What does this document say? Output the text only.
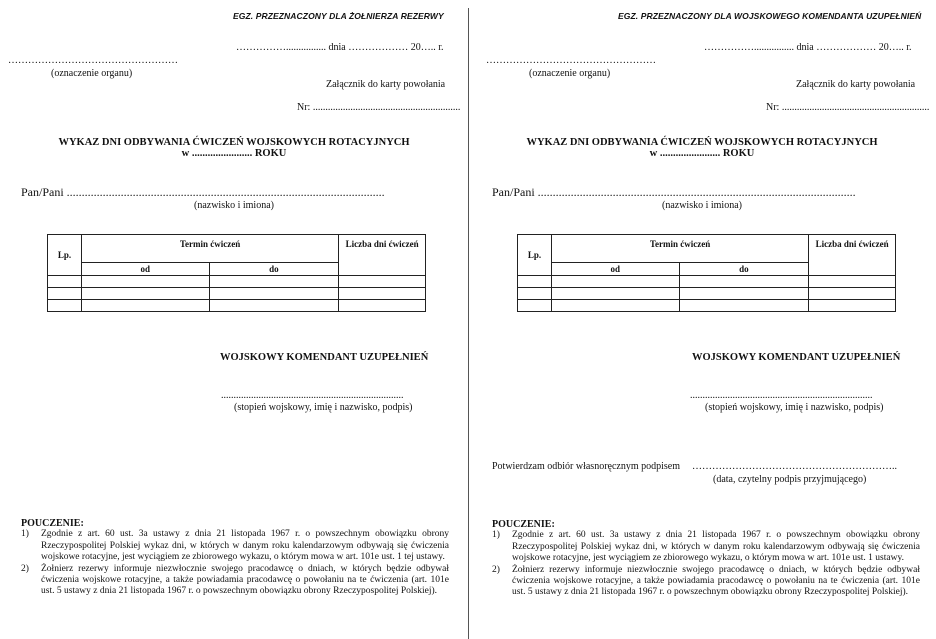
EGZ. PRZEZNACZONY DLA ŻOŁNIERZA REZERWY
……………................ dnia ……………… 20….. r.
……………………………………………
(oznaczenie organu)
Załącznik do karty powołania
Nr: ...........................................................
WYKAZ DNI ODBYWANIA ĆWICZEŃ WOJSKOWYCH ROTACYJNYCH
w ....................... ROKU
Pan/Pani ..........................................................................................................
(nazwisko i imiona)
Lp.	Termin ćwiczeń		Liczba dni ćwiczeń
	od	do	

WOJSKOWY KOMENDANT UZUPEŁNIEŃ
.........................................................................
(stopień wojskowy, imię i nazwisko, podpis)
POUCZENIE:
1) Zgodnie z art. 60 ust. 3a ustawy z dnia 21 listopada 1967 r. o powszechnym obowiązku obrony Rzeczypospolitej Polskiej wykaz dni, w których w danym roku kalendarzowym odbywają się ćwiczenia wojskowe rotacyjne, jest wyciągiem ze zbiorowego wykazu, o którym mowa w art. 101e ust. 1 tej ustawy.
2) Żołnierz rezerwy informuje niezwłocznie swojego pracodawcę o dniach, w których będzie odbywał ćwiczenia wojskowe rotacyjne, a także powiadamia pracodawcę o powołaniu na te ćwiczenia (art. 101e ust. 5 ustawy z dnia 21 listopada 1967 r. o powszechnym obowiązku obrony Rzeczypospolitej Polskiej).
EGZ. PRZEZNACZONY DLA WOJSKOWEGO KOMENDANTA UZUPEŁNIEŃ
……………................ dnia ……………… 20….. r.
……………………………………………
(oznaczenie organu)
Załącznik do karty powołania
Nr: ...........................................................
WYKAZ DNI ODBYWANIA ĆWICZEŃ WOJSKOWYCH ROTACYJNYCH
w ....................... ROKU
Pan/Pani ..........................................................................................................
(nazwisko i imiona)
Lp.	Termin ćwiczeń		Liczba dni ćwiczeń
	od	do	

WOJSKOWY KOMENDANT UZUPEŁNIEŃ
.........................................................................
(stopień wojskowy, imię i nazwisko, podpis)
Potwierdzam odbiór własnoręcznym podpisem ……………………………………………………..
(data, czytelny podpis przyjmującego)
POUCZENIE:
1) Zgodnie z art. 60 ust. 3a ustawy z dnia 21 listopada 1967 r. o powszechnym obowiązku obrony Rzeczypospolitej Polskiej wykaz dni, w których w danym roku kalendarzowym odbywają się ćwiczenia wojskowe rotacyjne, jest wyciągiem ze zbiorowego wykazu, o którym mowa w art. 101e ust. 1 ustawy.
2) Żołnierz rezerwy informuje niezwłocznie swojego pracodawcę o dniach, w których będzie odbywał ćwiczenia wojskowe rotacyjne, a także powiadamia pracodawcę o powołaniu na te ćwiczenia (art. 101e ust. 5 ustawy z dnia 21 listopada 1967 r. o powszechnym obowiązku obrony Rzeczypospolitej Polskiej).
